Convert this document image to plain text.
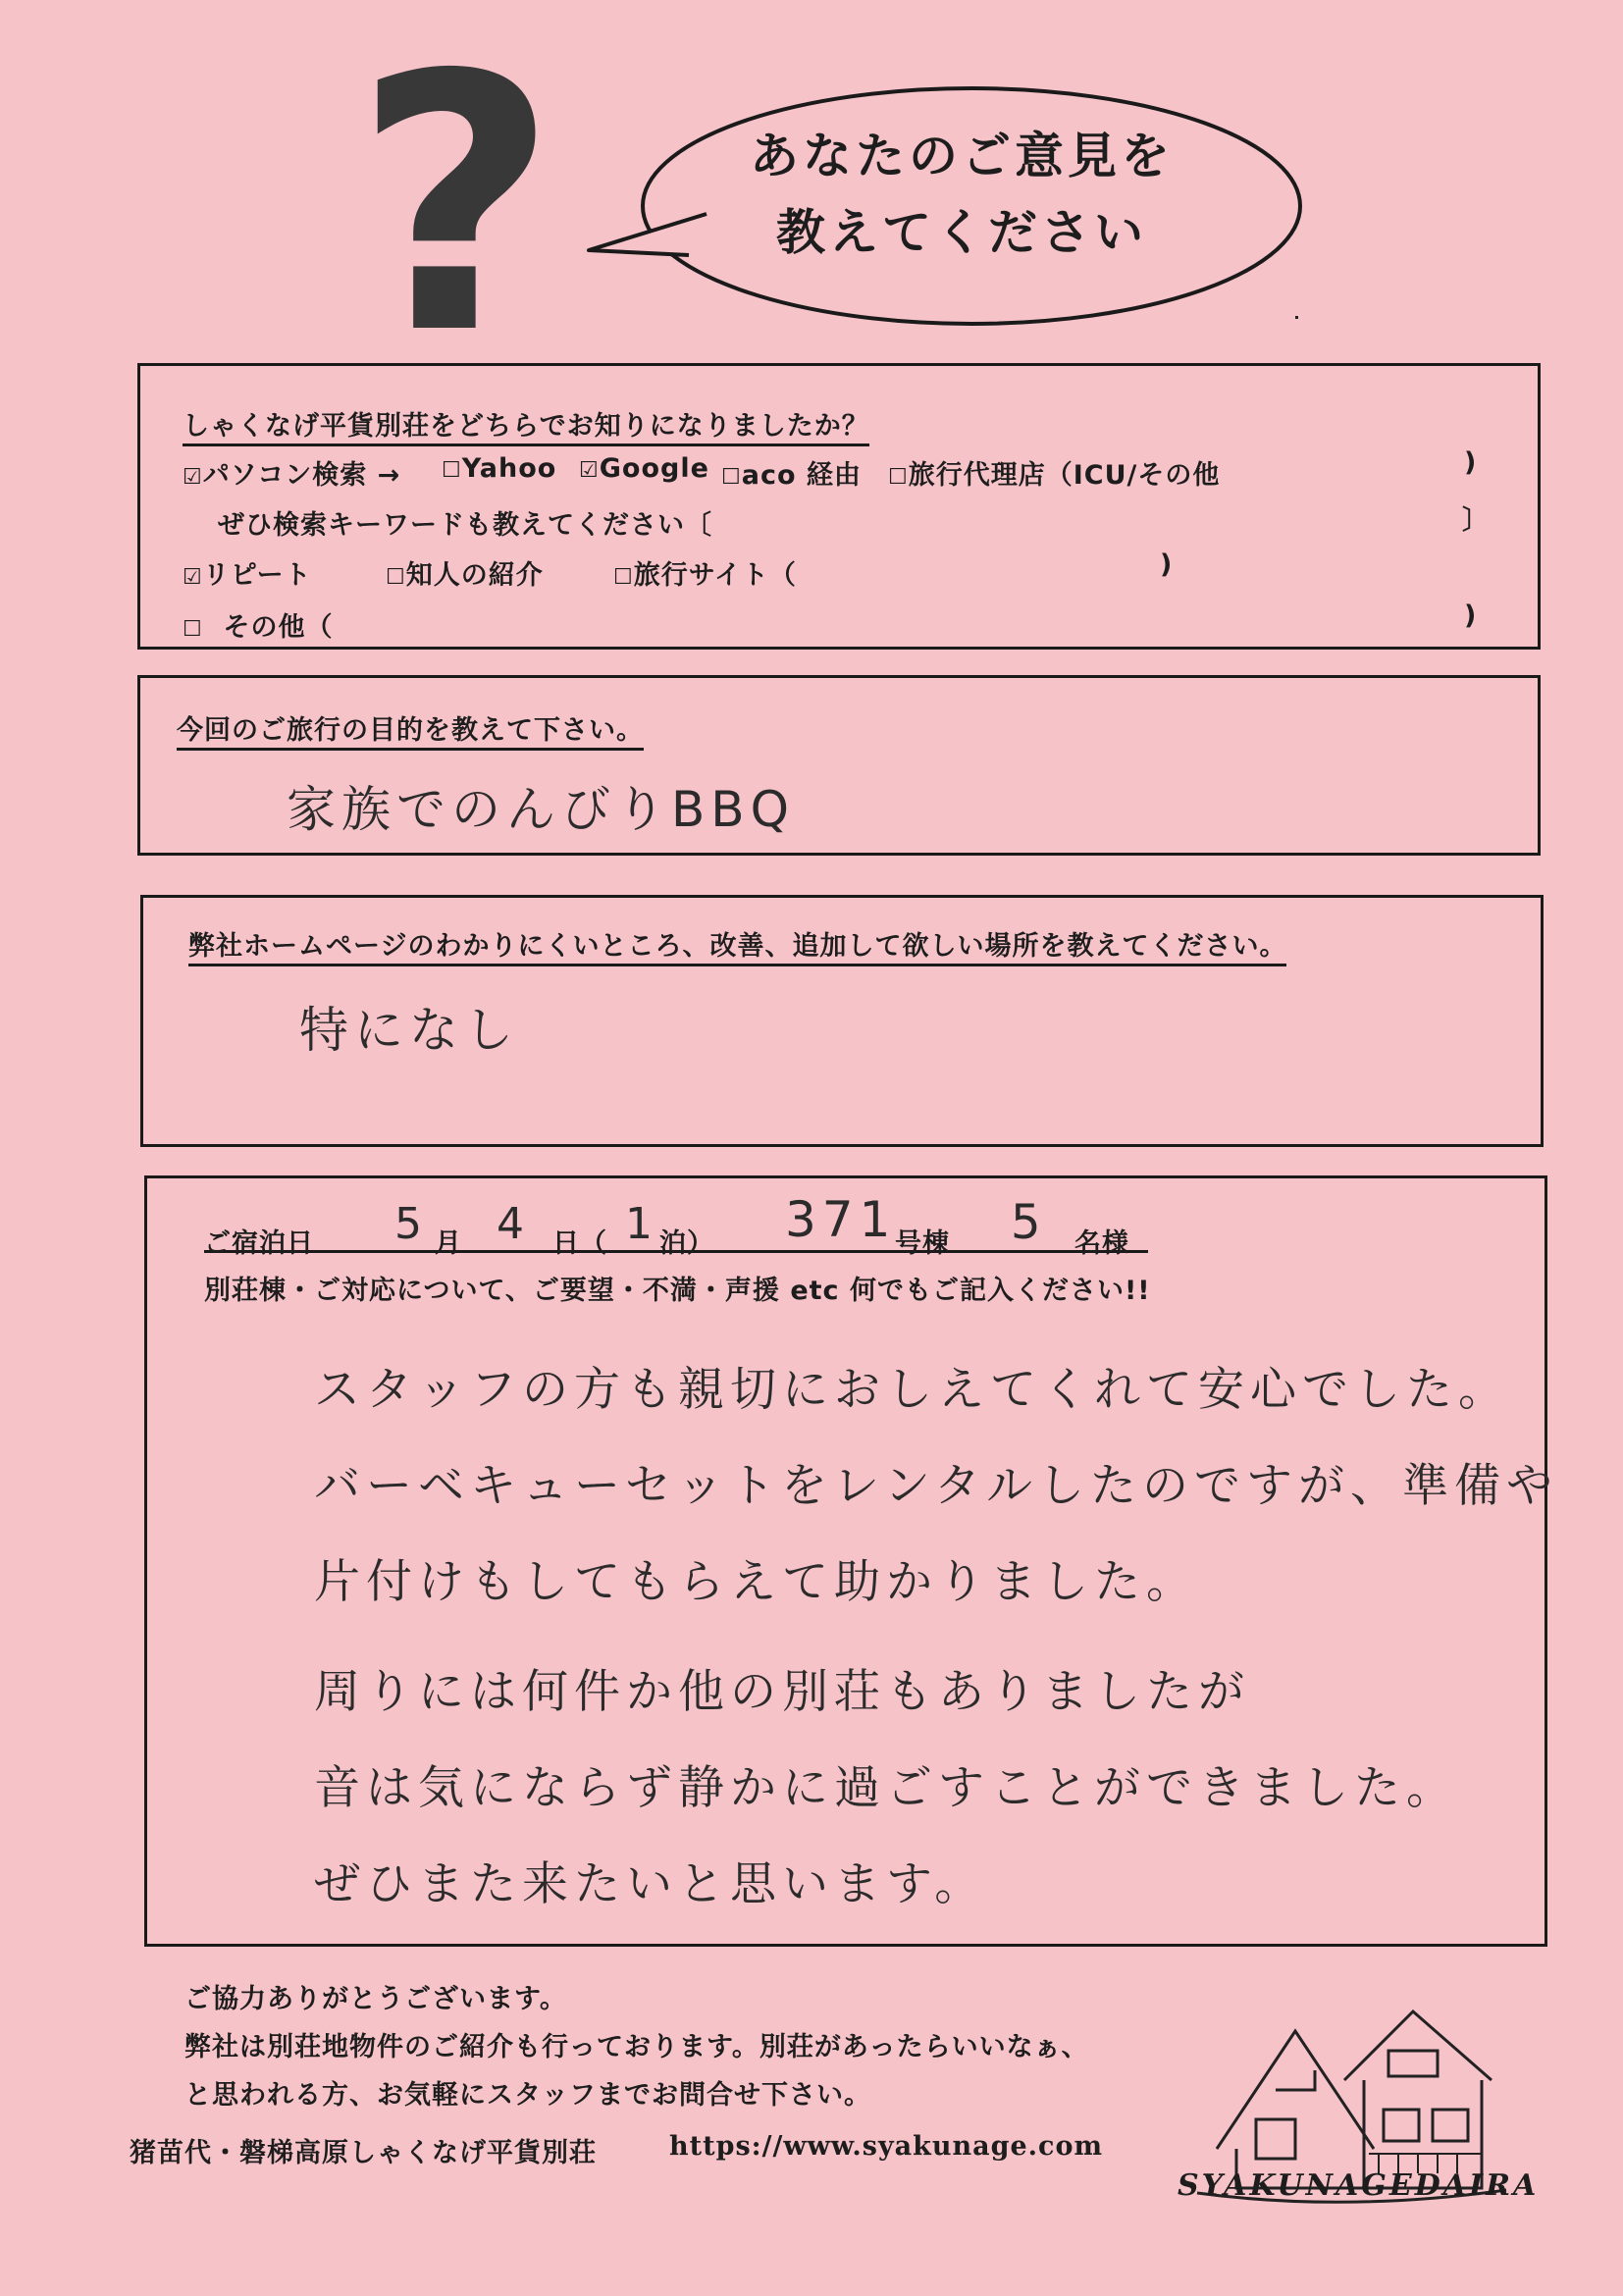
?	あなたのご意見を
教えてください
しゃくなげ平貨別荘をどちらでお知りになりましたか？
☑パソコン検索 → ☐Yahoo ☑Google ☐aco 経由 ☐旅行代理店（ICU/その他	)
ぜひ検索キーワードも教えてください〔	〕
☑リピート	☐知人の紹介	☐旅行サイト（	)
☐ その他（	)
今回のご旅行の目的を教えて下さい。
家族でのんびりBBQ
弊社ホームページのわかりにくいところ、改善、追加して欲しい場所を教えてください。
特になし
ご宿泊日 5 月 4 日（ 1 泊） 371
号棟 5 名様
別荘棟・ご対応について、ご要望・不満・声援 etc 何でもご記入ください!!
スタッフの方も親切におしえてくれて安心でした。
バーベキューセットをレンタルしたのですが、準備や
片付けもしてもらえて助かりました。
周りには何件か他の別荘もありましたが
音は気にならず静かに過ごすことができました。
ぜひまた来たいと思います。
ご協力ありがとうございます。
弊社は別荘地物件のご紹介も行っております。別荘があったらいいなぁ、
と思われる方、お気軽にスタッフまでお問合せ下さい。
猪苗代・磐梯高原しゃくなげ平貨別荘	https://www.syakunage.com
SYAKUNAGEDAIRA
